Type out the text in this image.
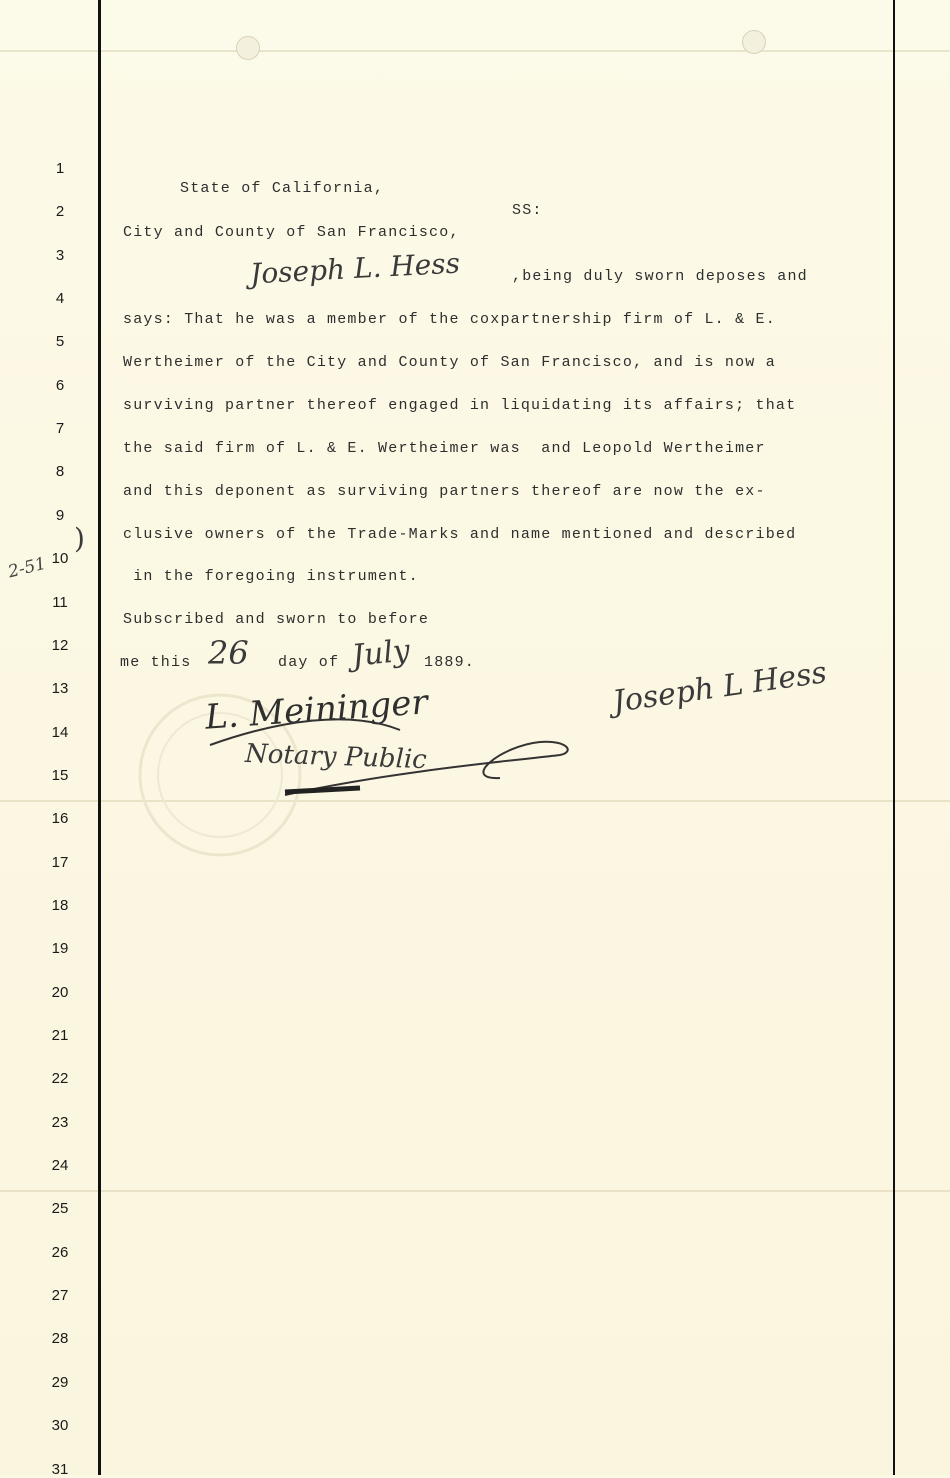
1
2
3
4
5
6
7
8
9
10
11
12
13
14
15
16
17
18
19
20
21
22
23
24
25
26
27
28
29
30
31
2-51
)
State of California,
SS:
City and County of San Francisco,
Joseph L. Hess	,being duly sworn deposes and
says: That he was a member of the coxpartnership firm of L. & E.
Wertheimer of the City and County of San Francisco, and is now a
surviving partner thereof engaged in liquidating its affairs; that
the said firm of L. & E. Wertheimer was  and Leopold Wertheimer
and this deponent as surviving partners thereof are now the ex-
clusive owners of the Trade-Marks and name mentioned and described
in the foregoing instrument.
Subscribed and sworn to before
me this 26 day of July 1889.
L. Meininger
Notary Public
Joseph L Hess
